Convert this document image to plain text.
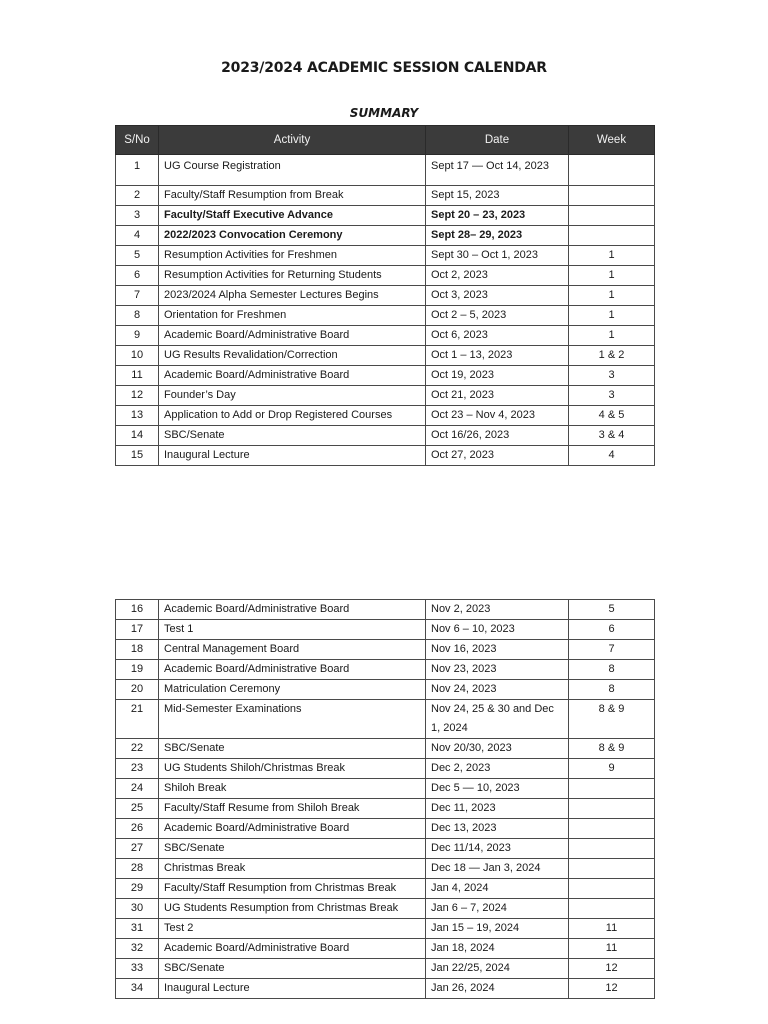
2023/2024 ACADEMIC SESSION CALENDAR
SUMMARY
S/No	Activity	Date	Week
1	UG Course Registration	Sept 17 — Oct 14, 2023	
2	Faculty/Staff Resumption from Break	Sept 15, 2023	
3	Faculty/Staff Executive Advance	Sept 20 – 23, 2023	
4	2022/2023 Convocation Ceremony	Sept 28– 29, 2023	
5	Resumption Activities for Freshmen	Sept 30 – Oct 1, 2023	1
6	Resumption Activities for Returning Students	Oct 2, 2023	1
7	2023/2024 Alpha Semester Lectures Begins	Oct 3, 2023	1
8	Orientation for Freshmen	Oct 2 – 5, 2023	1
9	Academic Board/Administrative Board	Oct 6, 2023	1
10	UG Results Revalidation/Correction	Oct 1 – 13, 2023	1 & 2
11	Academic Board/Administrative Board	Oct 19, 2023	3
12	Founder’s Day	Oct 21, 2023	3
13	Application to Add or Drop Registered Courses	Oct 23 – Nov 4, 2023	4 & 5
14	SBC/Senate	Oct 16/26, 2023	3 & 4
15	Inaugural Lecture	Oct 27, 2023	4
16	Academic Board/Administrative Board	Nov 2, 2023	5
17	Test 1	Nov 6 – 10, 2023	6
18	Central Management Board	Nov 16, 2023	7
19	Academic Board/Administrative Board	Nov 23, 2023	8
20	Matriculation Ceremony	Nov 24, 2023	8
21	Mid-Semester Examinations	Nov 24, 25 & 30 and Dec 1, 2024	8 & 9
22	SBC/Senate	Nov 20/30, 2023	8 & 9
23	UG Students Shiloh/Christmas Break	Dec 2, 2023	9
24	Shiloh Break	Dec 5 — 10, 2023	
25	Faculty/Staff Resume from Shiloh Break	Dec 11, 2023	
26	Academic Board/Administrative Board	Dec 13, 2023	
27	SBC/Senate	Dec 11/14, 2023	
28	Christmas Break	Dec 18 — Jan 3, 2024	
29	Faculty/Staff Resumption from Christmas Break	Jan 4, 2024	
30	UG Students Resumption from Christmas Break	Jan 6 – 7, 2024	
31	Test 2	Jan 15 – 19, 2024	11
32	Academic Board/Administrative Board	Jan 18, 2024	11
33	SBC/Senate	Jan 22/25, 2024	12
34	Inaugural Lecture	Jan 26, 2024	12
